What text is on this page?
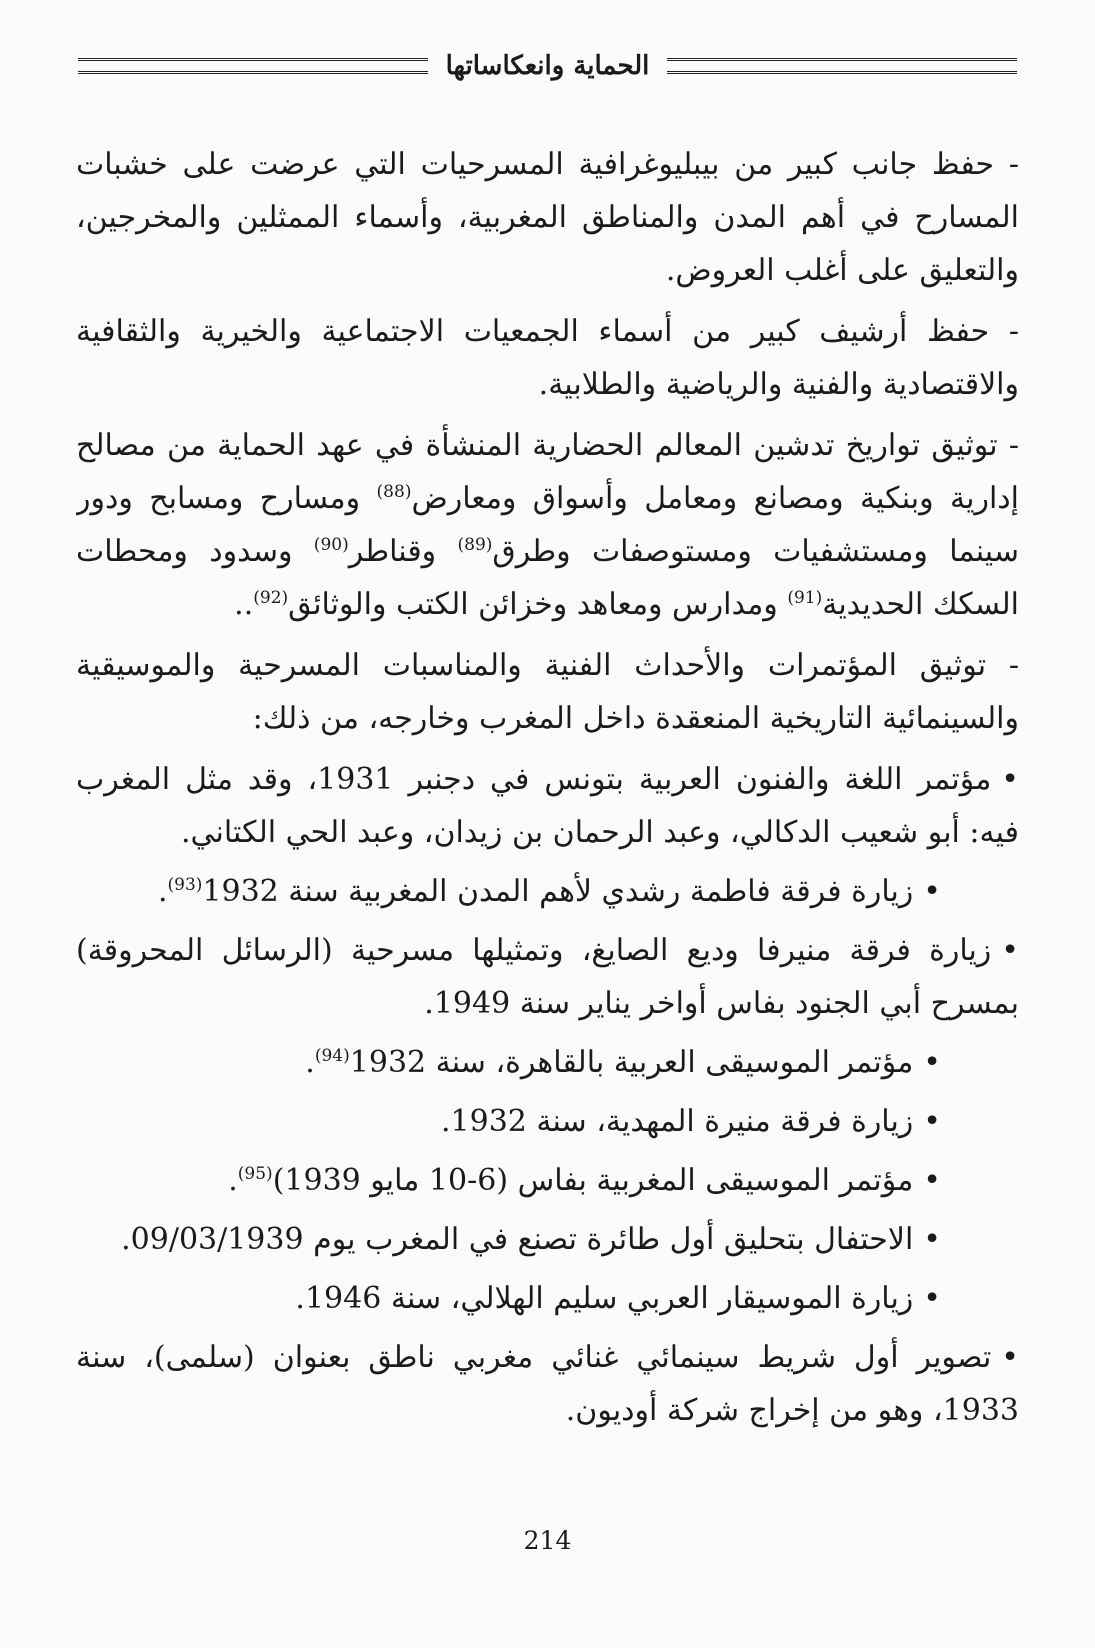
الحماية وانعكاساتها

- حفظ جانب كبير من بيبليوغرافية المسرحيات التي عرضت على خشبات المسارح في أهم المدن والمناطق المغربية، وأسماء الممثلين والمخرجين، والتعليق على أغلب العروض.

- حفظ أرشيف كبير من أسماء الجمعيات الاجتماعية والخيرية والثقافية والاقتصادية والفنية والرياضية والطلابية.

- توثيق تواريخ تدشين المعالم الحضارية المنشأة في عهد الحماية من مصالح إدارية وبنكية ومصانع ومعامل وأسواق ومعارض$^{(88)}$ ومسارح ومسابح ودور سينما ومستشفيات ومستوصفات وطرق$^{(89)}$ وقناطر$^{(90)}$ وسدود ومحطات السكك الحديدية$^{(91)}$ ومدارس ومعاهد وخزائن الكتب والوثائق$^{(92)}$..

- توثيق المؤتمرات والأحداث الفنية والمناسبات المسرحية والموسيقية والسينمائية التاريخية المنعقدة داخل المغرب وخارجه، من ذلك:

•مؤتمر اللغة والفنون العربية بتونس في دجنبر 1931، وقد مثل المغرب فيه: أبو شعيب الدكالي، وعبد الرحمان بن زيدان، وعبد الحي الكتاني.

•زيارة فرقة فاطمة رشدي لأهم المدن المغربية سنة 1932$^{(93)}$.

•زيارة فرقة منيرفا وديع الصايغ، وتمثيلها مسرحية (الرسائل المحروقة) بمسرح أبي الجنود بفاس أواخر يناير سنة 1949.

•مؤتمر الموسيقى العربية بالقاهرة، سنة 1932$^{(94)}$.

•زيارة فرقة منيرة المهدية، سنة 1932.

•مؤتمر الموسيقى المغربية بفاس (6-10 مايو 1939)$^{(95)}$.

•الاحتفال بتحليق أول طائرة تصنع في المغرب يوم 09/03/1939.

•زيارة الموسيقار العربي سليم الهلالي، سنة 1946.

•تصوير أول شريط سينمائي غنائي مغربي ناطق بعنوان (سلمى)، سنة 1933، وهو من إخراج شركة أوديون.

214
